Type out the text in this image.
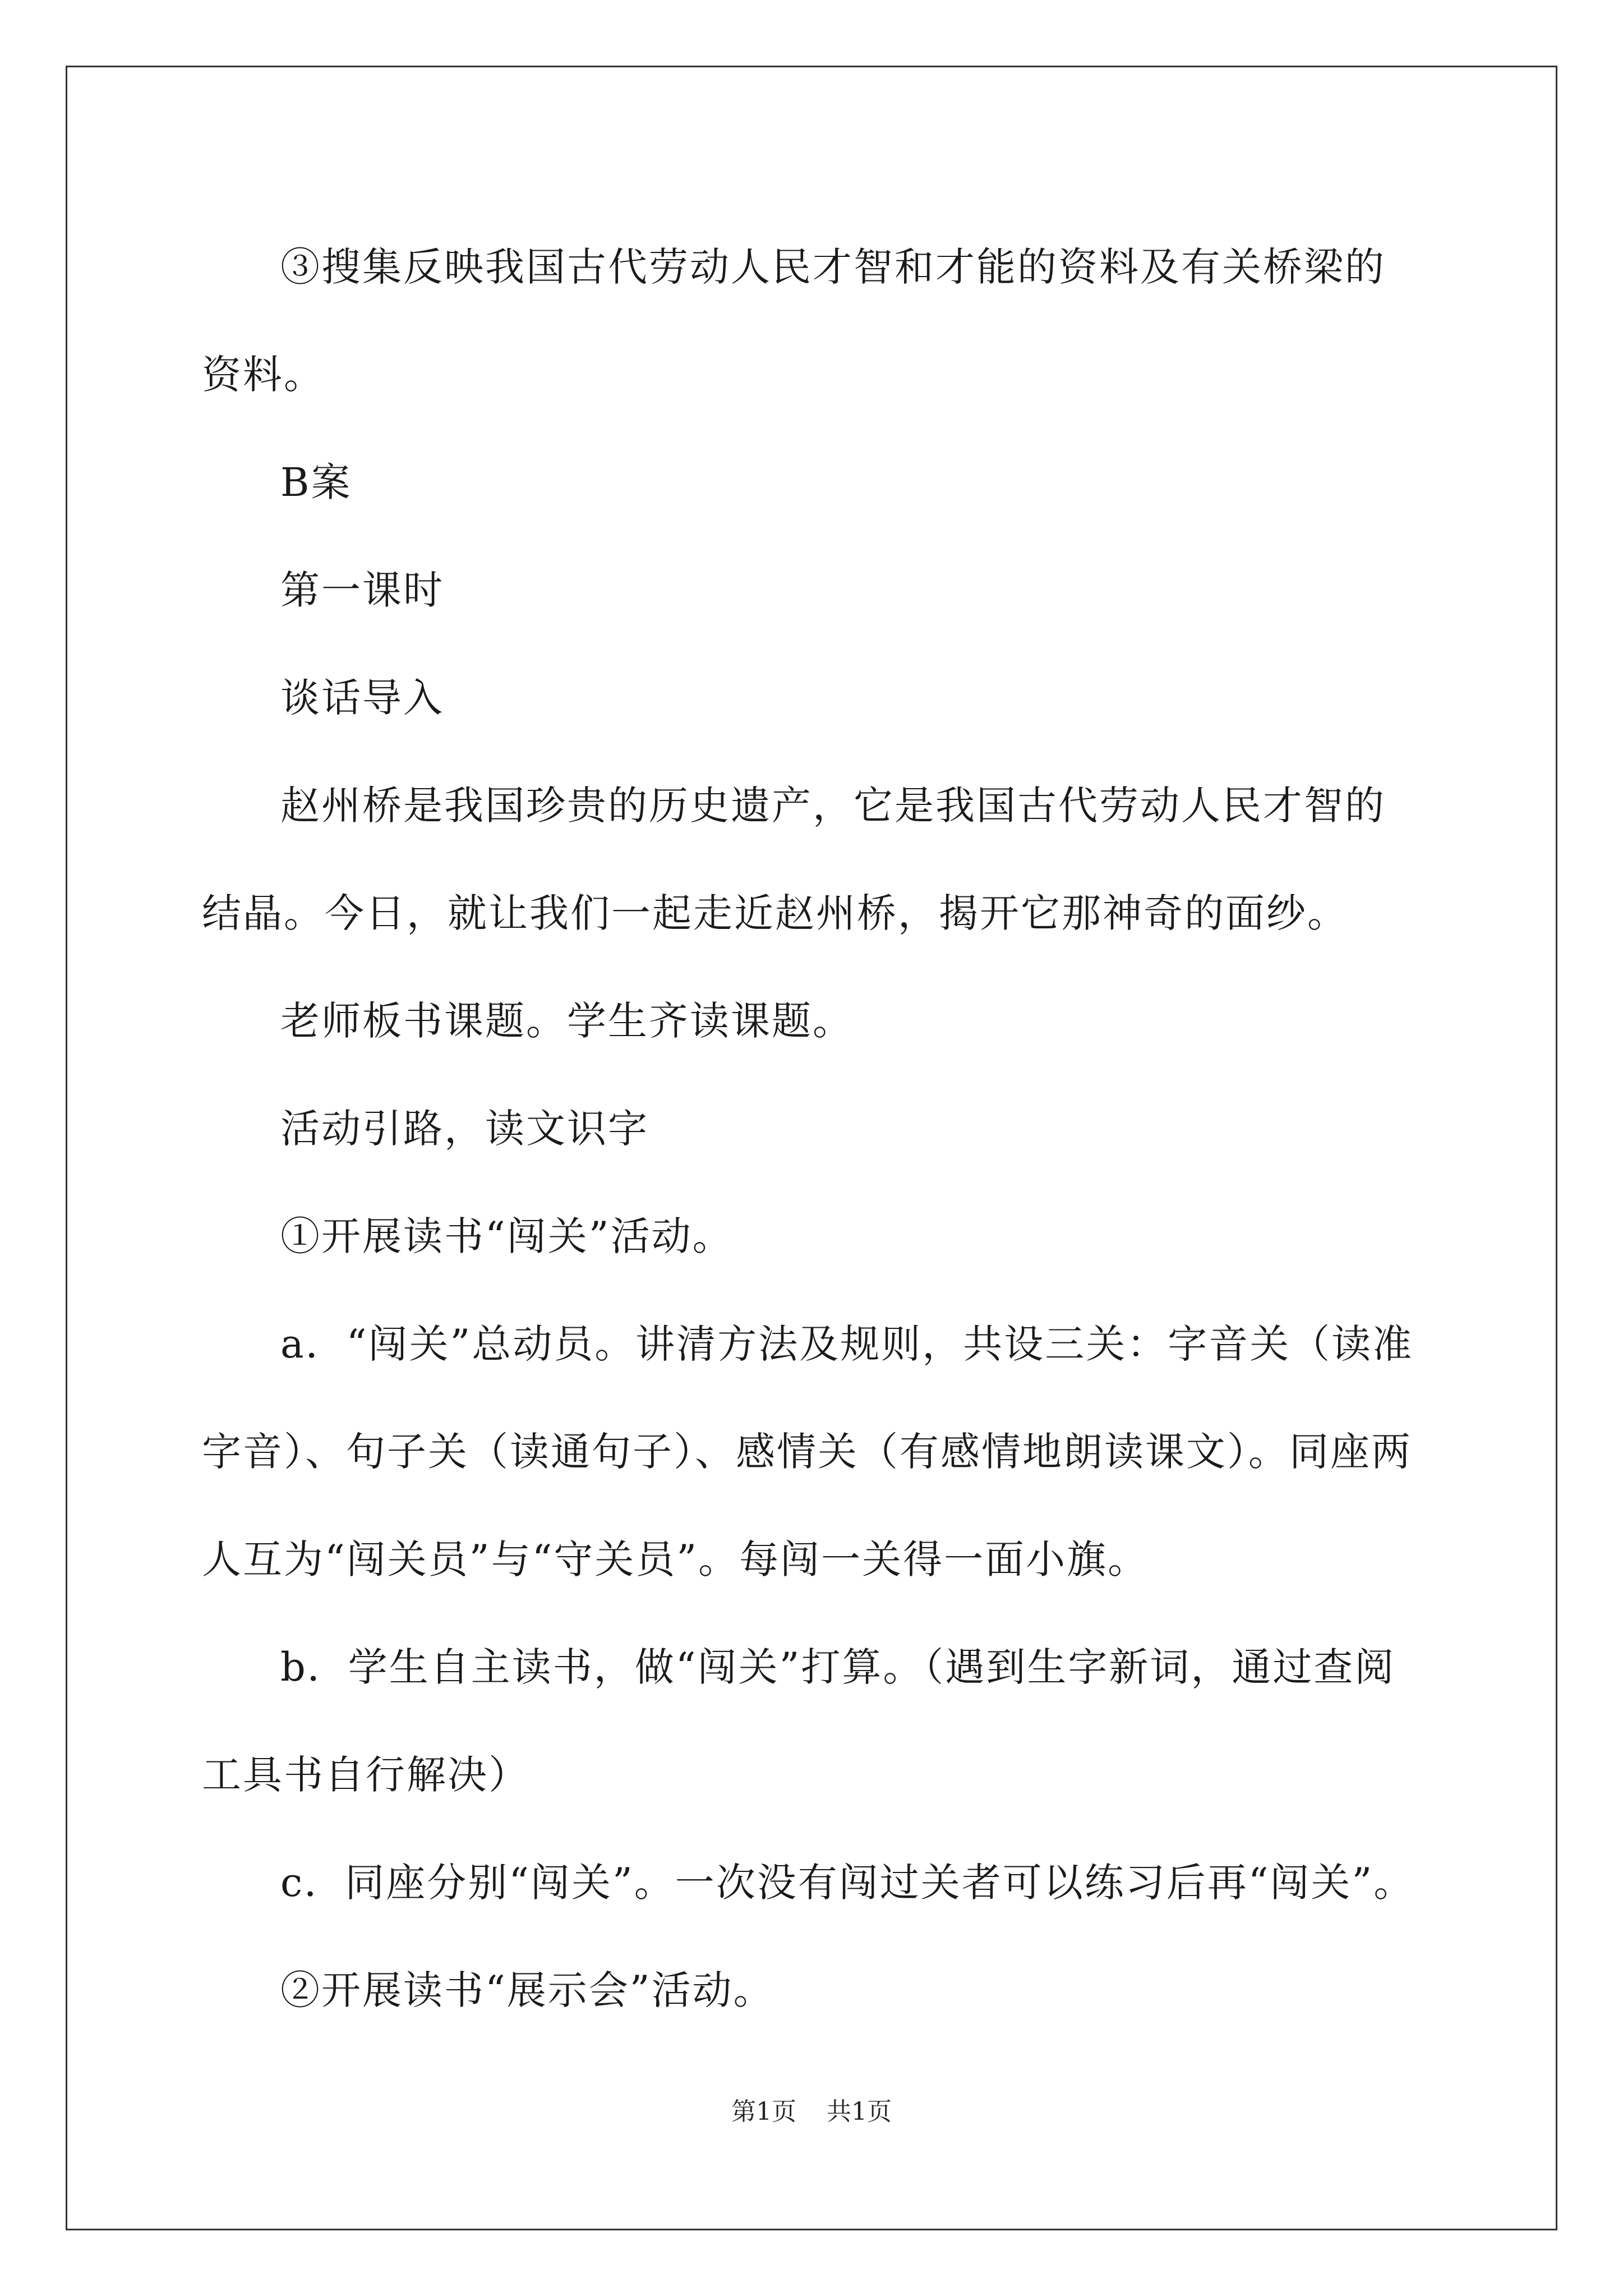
③搜集反映我国古代劳动人民才智和才能的资料及有关桥梁的资料。

B案

第一课时

谈话导入

赵州桥是我国珍贵的历史遗产，它是我国古代劳动人民才智的结晶。今日，就让我们一起走近赵州桥，揭开它那神奇的面纱。

老师板书课题。学生齐读课题。

活动引路，读文识字

①开展读书“闯关”活动。

a．“闯关”总动员。讲清方法及规则，共设三关：字音关（读准字音）、句子关（读通句子）、感情关（有感情地朗读课文）。同座两人互为“闯关员”与“守关员”。每闯一关得一面小旗。

b．学生自主读书，做“闯关”打算。（遇到生字新词，通过查阅工具书自行解决）

c．同座分别“闯关”。一次没有闯过关者可以练习后再“闯关”。

②开展读书“展示会”活动。

第1页 共1页
